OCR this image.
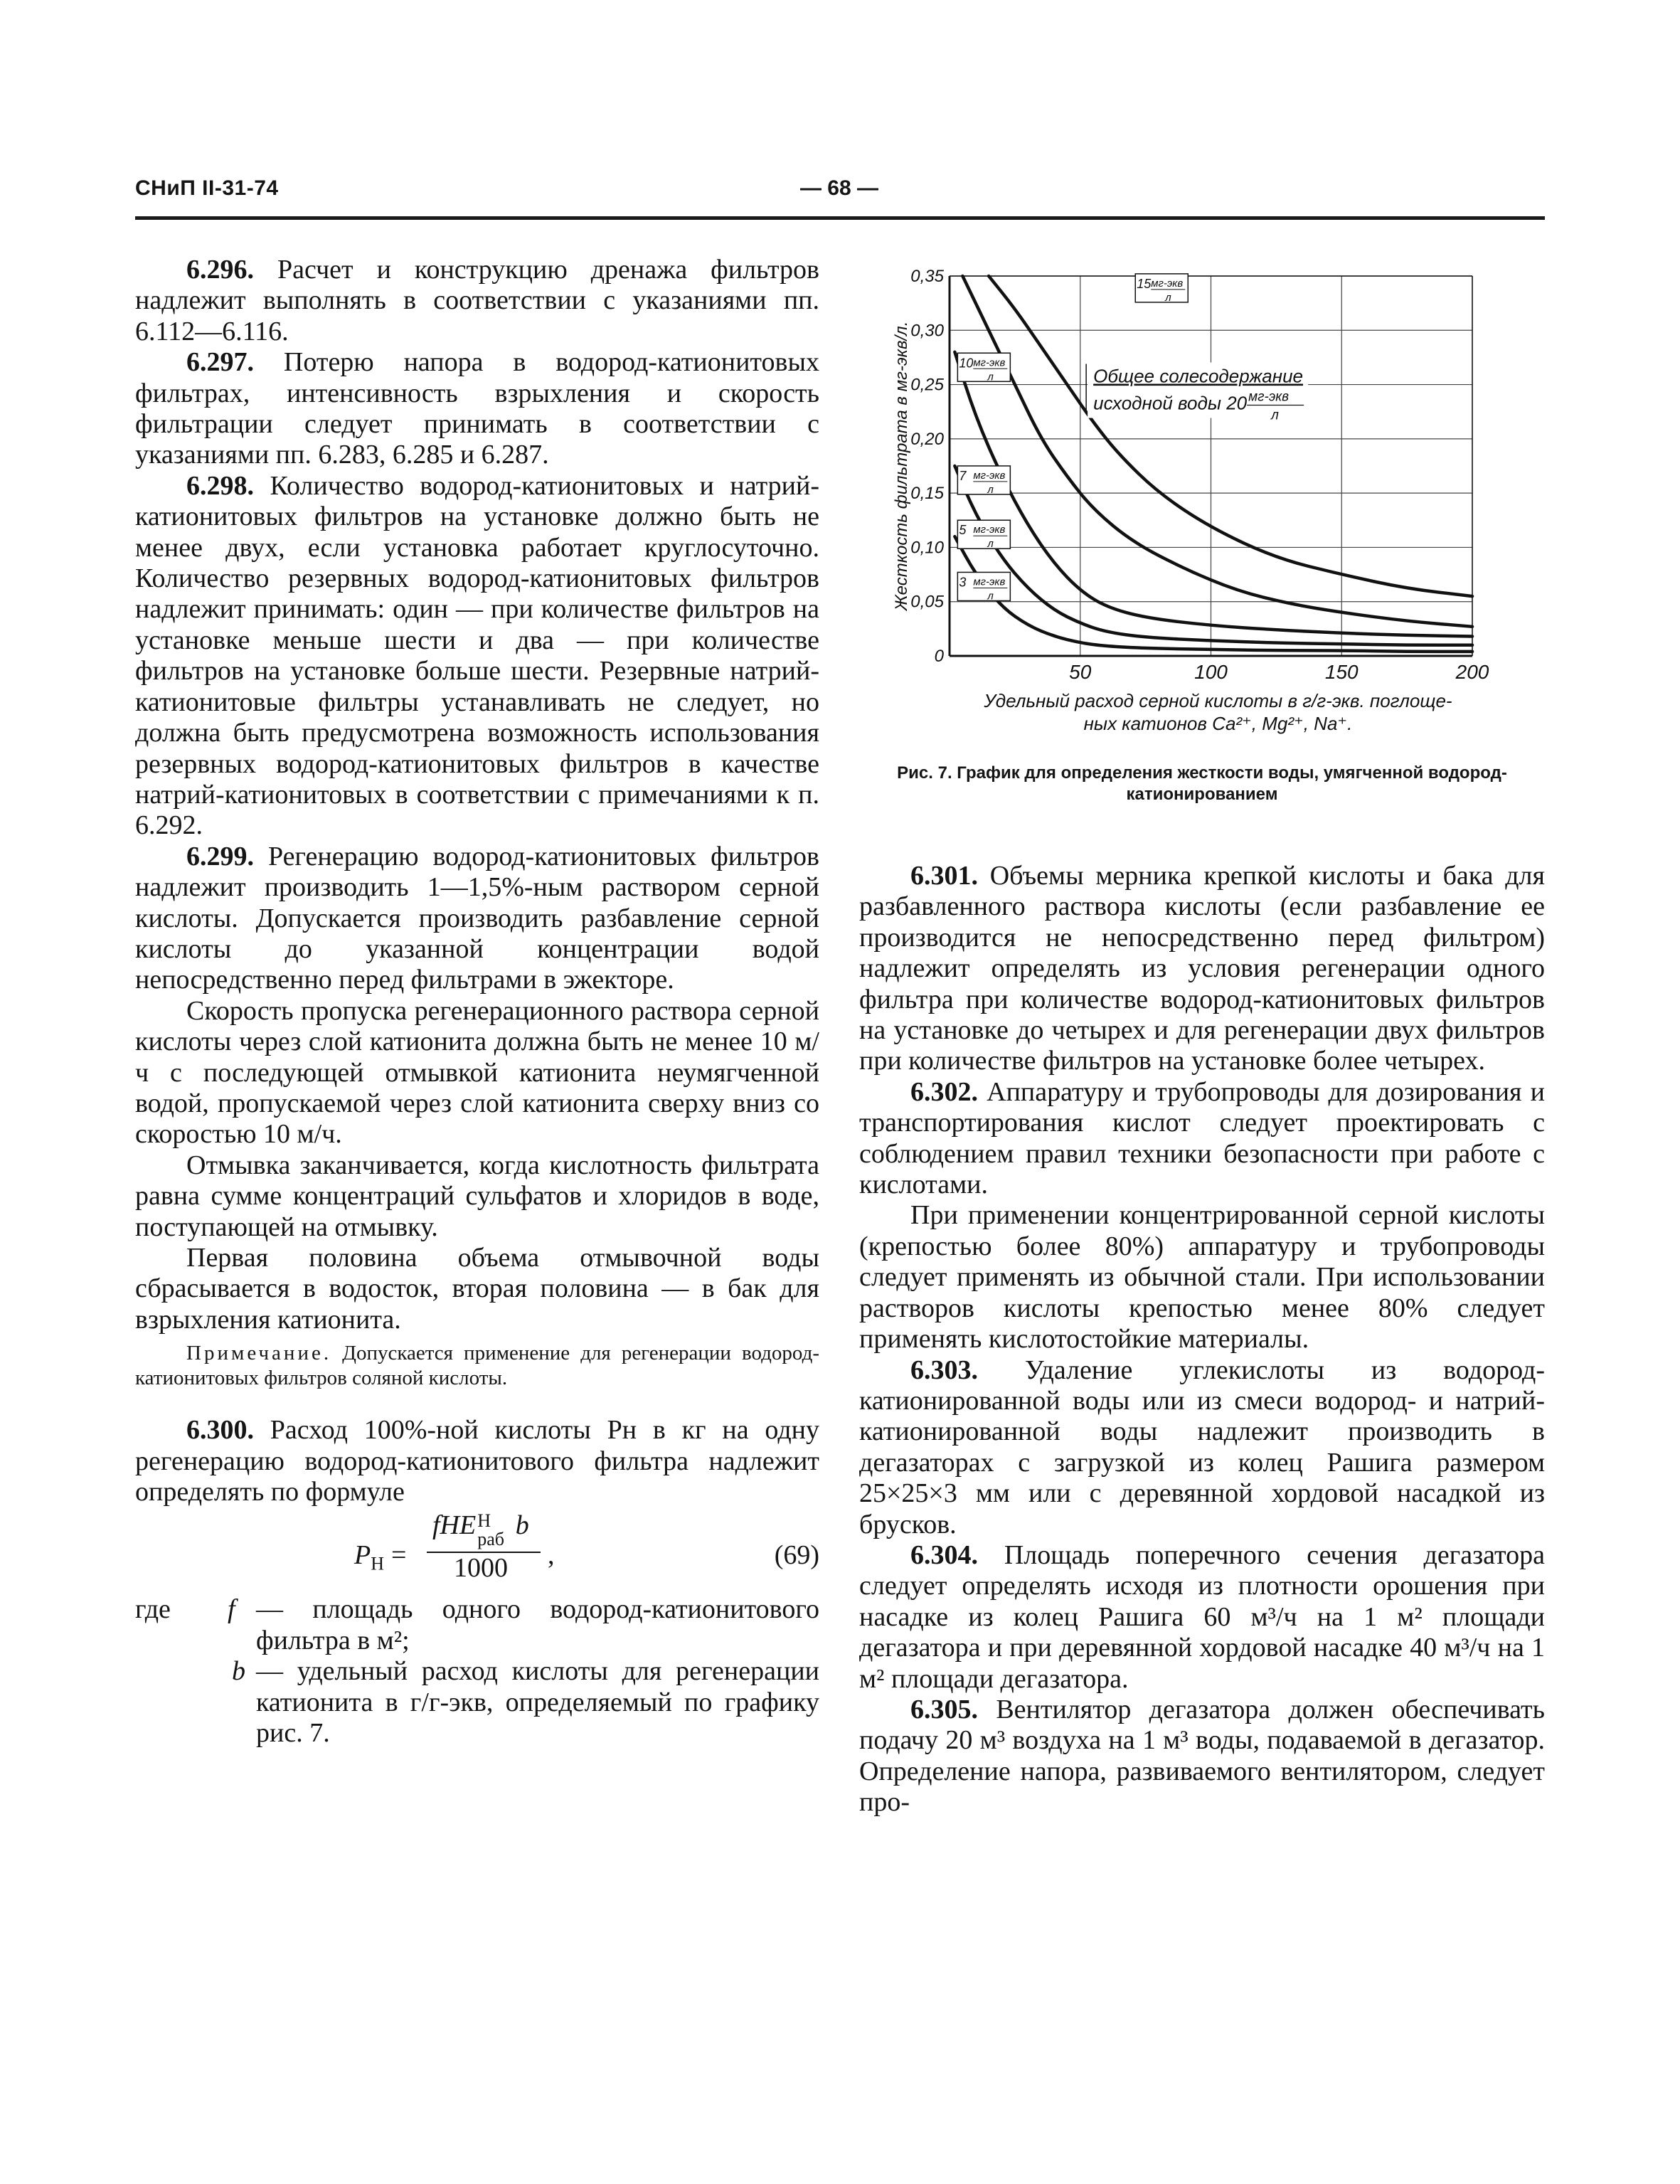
СНиП II-31-74	— 68 —

6.296. Расчет и конструкцию дренажа фильтров надлежит выполнять в соответствии с указаниями пп. 6.112—6.116.

6.297. Потерю напора в водород-катионитовых фильтрах, интенсивность взрыхления и скорость фильтрации следует принимать в соответствии с указаниями пп. 6.283, 6.285 и 6.287.

6.298. Количество водород-катионитовых и натрий-катионитовых фильтров на установке должно быть не менее двух, если установка работает круглосуточно. Количество резервных водород-катионитовых фильтров надлежит принимать: один — при количестве фильтров на установке меньше шести и два — при количестве фильтров на установке больше шести. Резервные натрий-катионитовые фильтры устанавливать не следует, но должна быть предусмотрена возможность использования резервных водород-катионитовых фильтров в качестве натрий-катионитовых в соответствии с примечаниями к п. 6.292.

6.299. Регенерацию водород-катионитовых фильтров надлежит производить 1—1,5%-ным раствором серной кислоты. Допускается производить разбавление серной кислоты до указанной концентрации водой непосредственно перед фильтрами в эжекторе.

Скорость пропуска регенерационного раствора серной кислоты через слой катионита должна быть не менее 10 м/ч с последующей отмывкой катионита неумягченной водой, пропускаемой через слой катионита сверху вниз со скоростью 10 м/ч.

Отмывка заканчивается, когда кислотность фильтрата равна сумме концентраций сульфатов и хлоридов в воде, поступающей на отмывку.

Первая половина объема отмывочной воды сбрасывается в водосток, вторая половина — в бак для взрыхления катионита.

Примечание. Допускается применение для регенерации водород-катионитовых фильтров соляной кислоты.

6.300. Расход 100%-ной кислоты Pн в кг на одну регенерацию водород-катионитового фильтра надлежит определять по формуле

$P_Н$ =
fHE Н
раб b
1000 ,	(69)
где f — площадь одного водород-катионитового фильтра в м²;

b — удельный расход кислоты для регенерации катионита в г/г-экв, определяемый по графику рис. 7.

0
0,05
0,10
0,15
0,20
0,25
0,30
0,35
50	100	150	200
Жесткость фильтрата в мг-экв/л.
Удельный расход серной кислоты в г/г-экв. поглоще-
ных катионов Ca²⁺, Mg²⁺, Na⁺.
15 мг-экв
л
10 мг-экв
л
7 мг-экв
л
5 мг-экв
л
3 мг-экв
л
Общее солесодержание
исходной воды 20 мг-экв
л
Рис. 7. График для определения жесткости воды, умягченной водород-катионированием

6.301. Объемы мерника крепкой кислоты и бака для разбавленного раствора кислоты (если разбавление ее производится не непосредственно перед фильтром) надлежит определять из условия регенерации одного фильтра при количестве водород-катионитовых фильтров на установке до четырех и для регенерации двух фильтров при количестве фильтров на установке более четырех.

6.302. Аппаратуру и трубопроводы для дозирования и транспортирования кислот следует проектировать с соблюдением правил техники безопасности при работе с кислотами.

При применении концентрированной серной кислоты (крепостью более 80%) аппаратуру и трубопроводы следует применять из обычной стали. При использовании растворов кислоты крепостью менее 80% следует применять кислотостойкие материалы.

6.303. Удаление углекислоты из водород-катионированной воды или из смеси водород- и натрий-катионированной воды надлежит производить в дегазаторах с загрузкой из колец Рашига размером 25×25×3 мм или с деревянной хордовой насадкой из брусков.

6.304. Площадь поперечного сечения дегазатора следует определять исходя из плотности орошения при насадке из колец Рашига 60 м³/ч на 1 м² площади дегазатора и при деревянной хордовой насадке 40 м³/ч на 1 м² площади дегазатора.

6.305. Вентилятор дегазатора должен обеспечивать подачу 20 м³ воздуха на 1 м³ воды, подаваемой в дегазатор. Определение напора, развиваемого вентилятором, следует про-
